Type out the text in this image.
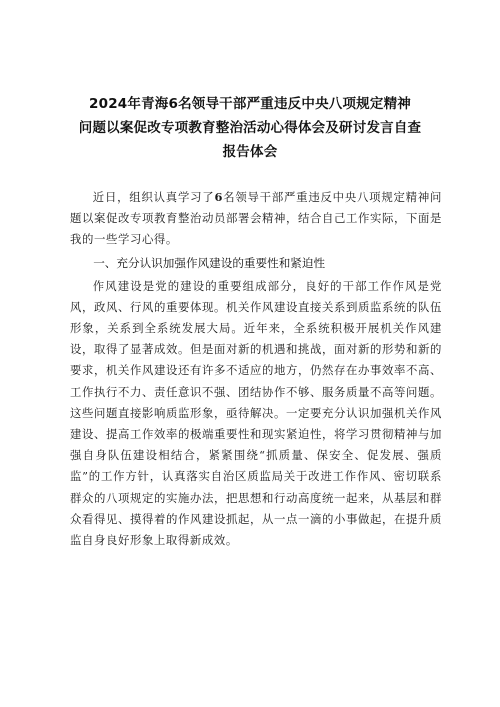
2024年青海6名领导干部严重违反中央八项规定精神
问题以案促改专项教育整治活动心得体会及研讨发言自查
报告体会

近日，组织认真学习了6名领导干部严重违反中央八项规定精神问题以案促改专项教育整治动员部署会精神，结合自己工作实际，下面是我的一些学习心得。

一、充分认识加强作风建设的重要性和紧迫性

作风建设是党的建设的重要组成部分，良好的干部工作作风是党风，政风、行风的重要体现。机关作风建设直接关系到质监系统的队伍形象，关系到全系统发展大局。近年来，全系统积极开展机关作风建设，取得了显著成效。但是面对新的机遇和挑战，面对新的形势和新的要求，机关作风建设还有许多不适应的地方，仍然存在办事效率不高、工作执行不力、责任意识不强、团结协作不够、服务质量不高等问题。这些问题直接影响质监形象，亟待解决。一定要充分认识加强机关作风建设、提高工作效率的极端重要性和现实紧迫性，将学习贯彻精神与加强自身队伍建设相结合，紧紧围绕“抓质量、保安全、促发展、强质监”的工作方针，认真落实自治区质监局关于改进工作作风、密切联系群众的八项规定的实施办法，把思想和行动高度统一起来，从基层和群众看得见、摸得着的作风建设抓起，从一点一滴的小事做起，在提升质监自身良好形象上取得新成效。
